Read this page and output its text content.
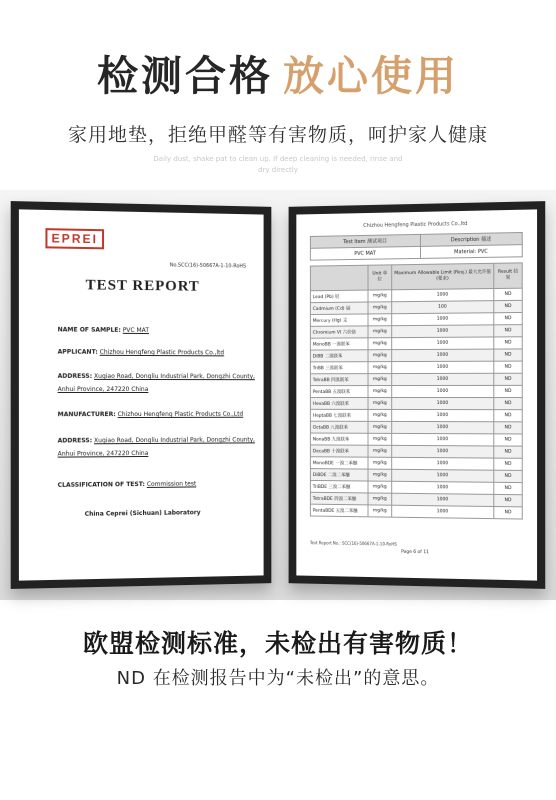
检测合格 放心使用
家用地垫，拒绝甲醛等有害物质，呵护家人健康
Daily dust, shake pat to clean up. If deep cleaning is needed, rinse and dry directly
EPREI
No.SCC(16)-50667A-1-10-RoHS
TEST REPORT
NAME OF SAMPLE: PVC MAT
APPLICANT: Chizhou Hengfeng Plastic Products Co.,ltd
ADDRESS: Xugiao Road, Dongliu Industrial Park, Dongzhi County, Anhui Province, 247220 China
MANUFACTURER: Chizhou Hengfeng Plastic Products Co.,Ltd
ADDRESS: Xugiao Road, Dongliu Industrial Park, Dongzhi County, Anhui Province, 247220 China
CLASSIFICATION OF TEST: Commission test
China Ceprei (Sichuan) Laboratory
Chizhou Hengfeng Plastic Products Co.,ltd
Test Item 测试项目	Description 描述
PVC MAT	Material: PVC
	Unit 单位	Maximum Allowable Limit (Req.) 最大允许值(要求)	Result 结果
Lead (Pb) 铅	mg/kg	1000	ND
Cadmium (Cd) 镉	mg/kg	100	ND
Mercury (Hg) 汞	mg/kg	1000	ND
Chromium VI 六价铬	mg/kg	1000	ND
MonoBB 一溴联苯	mg/kg	1000	ND
DiBB 二溴联苯	mg/kg	1000	ND
TriBB 三溴联苯	mg/kg	1000	ND
TetraBB 四溴联苯	mg/kg	1000	ND
PentaBB 五溴联苯	mg/kg	1000	ND
HexaBB 六溴联苯	mg/kg	1000	ND
HeptaBB 七溴联苯	mg/kg	1000	ND
OctaBB 八溴联苯	mg/kg	1000	ND
NonaBB 九溴联苯	mg/kg	1000	ND
DecaBB 十溴联苯	mg/kg	1000	ND
MonoBDE 一溴二苯醚	mg/kg	1000	ND
DiBDE 二溴二苯醚	mg/kg	1000	ND
TriBDE 三溴二苯醚	mg/kg	1000	ND
TetraBDE 四溴二苯醚	mg/kg	1000	ND
PentaBDE 五溴二苯醚	mg/kg	1000	ND
Test Report No.: SCC(16)-50667A-1-10-RoHS
Page 6 of 11
欧盟检测标准，未检出有害物质！
ND 在检测报告中为“未检出”的意思。
